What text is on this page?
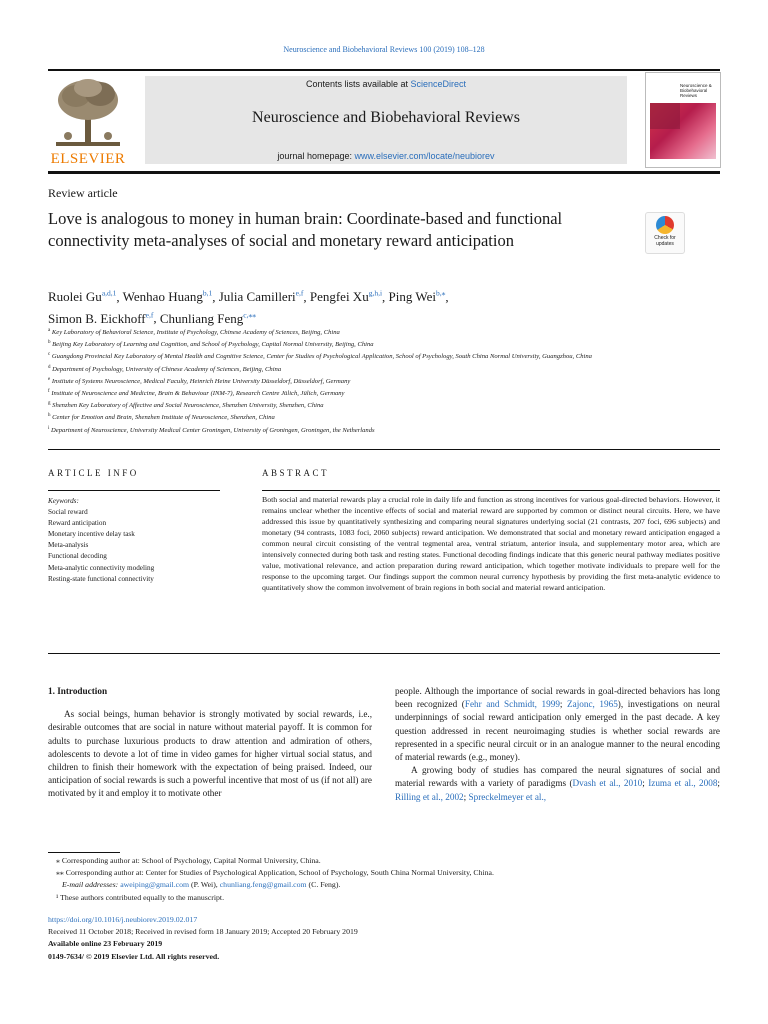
Neuroscience and Biobehavioral Reviews 100 (2019) 108–128
ELSEVIER
Contents lists available at ScienceDirect
Neuroscience and Biobehavioral Reviews
journal homepage: www.elsevier.com/locate/neubiorev
Neuroscience & Biobehavioral Reviews
Review article
Love is analogous to money in human brain: Coordinate-based and functional connectivity meta-analyses of social and monetary reward anticipation	Check for updates
Ruolei Gu$^{a,d,1}$, Wenhao Huang$^{b,1}$, Julia Camilleri$^{e,f}$, Pengfei Xu$^{g,h,i}$, Ping Wei$^{b,⁎}$,
Simon B. Eickhoff$^{e,f}$, Chunliang Feng$^{c,⁎⁎}$
$^a$ Key Laboratory of Behavioral Science, Institute of Psychology, Chinese Academy of Sciences, Beijing, China
$^b$ Beijing Key Laboratory of Learning and Cognition, and School of Psychology, Capital Normal University, Beijing, China
$^c$ Guangdong Provincial Key Laboratory of Mental Health and Cognitive Science, Center for Studies of Psychological Application, School of Psychology, South China Normal University, Guangzhou, China
$^d$ Department of Psychology, University of Chinese Academy of Sciences, Beijing, China
$^e$ Institute of Systems Neuroscience, Medical Faculty, Heinrich Heine University Düsseldorf, Düsseldorf, Germany
$^f$ Institute of Neuroscience and Medicine, Brain & Behaviour (INM-7), Research Centre Jülich, Jülich, Germany
$^g$ Shenzhen Key Laboratory of Affective and Social Neuroscience, Shenzhen University, Shenzhen, China
$^h$ Center for Emotion and Brain, Shenzhen Institute of Neuroscience, Shenzhen, China
$^i$ Department of Neuroscience, University Medical Center Groningen, University of Groningen, Groningen, the Netherlands
ARTICLE INFO	ABSTRACT
Keywords:
Social reward
Reward anticipation
Monetary incentive delay task
Meta-analysis
Functional decoding
Meta-analytic connectivity modeling
Resting-state functional connectivity
Both social and material rewards play a crucial role in daily life and function as strong incentives for various goal-directed behaviors. However, it remains unclear whether the incentive effects of social and material reward are supported by common or distinct neural circuits. Here, we have addressed this issue by quantitatively synthesizing and comparing neural signatures underlying social (21 contrasts, 207 foci, 696 subjects) and monetary (94 contrasts, 1083 foci, 2060 subjects) reward anticipation. We demonstrated that social and monetary reward anticipation engaged a common neural circuit consisting of the ventral tegmental area, ventral striatum, anterior insula, and supplementary motor area, which are intensively connected during both task and resting states. Functional decoding findings indicate that this generic neural pathway mediates positive value, motivational relevance, and action preparation during reward anticipation, which together motivate individuals to prepare well for the response to the upcoming target. Our findings support the common neural currency hypothesis by providing the first meta-analytic evidence to quantitatively show the common involvement of brain regions in both social and material reward anticipation.
1. Introduction

As social beings, human behavior is strongly motivated by social rewards, i.e., desirable outcomes that are social in nature without material payoff. It is common for adults to purchase luxurious products to draw attention and admiration of others, adolescents to devote a lot of time in video games for higher virtual social status, and children to finish their homework with the expectation of being praised. Indeed, our anticipation of social rewards is such a powerful incentive that most of us (if not all) are motivated by it and employ it to motivate other

people. Although the importance of social rewards in goal-directed behaviors has long been recognized (Fehr and Schmidt, 1999; Zajonc, 1965), investigations on neural underpinnings of social reward anticipation only emerged in the past decade. A key question addressed in recent neuroimaging studies is whether social rewards are represented in a specific neural circuit or in an analogue manner to the neural encoding of material rewards (e.g., money).

A growing body of studies has compared the neural signatures of social and material rewards with a variety of paradigms (Dvash et al., 2010; Izuma et al., 2008; Rilling et al., 2002; Spreckelmeyer et al.,

⁎ Corresponding author at: School of Psychology, Capital Normal University, China.
⁎⁎ Corresponding author at: Center for Studies of Psychological Application, School of Psychology, South China Normal University, China.
E-mail addresses: aweiping@gmail.com (P. Wei), chunliang.feng@gmail.com (C. Feng).
¹ These authors contributed equally to the manuscript.
https://doi.org/10.1016/j.neubiorev.2019.02.017
Received 11 October 2018; Received in revised form 18 January 2019; Accepted 20 February 2019
Available online 23 February 2019
0149-7634/ © 2019 Elsevier Ltd. All rights reserved.
